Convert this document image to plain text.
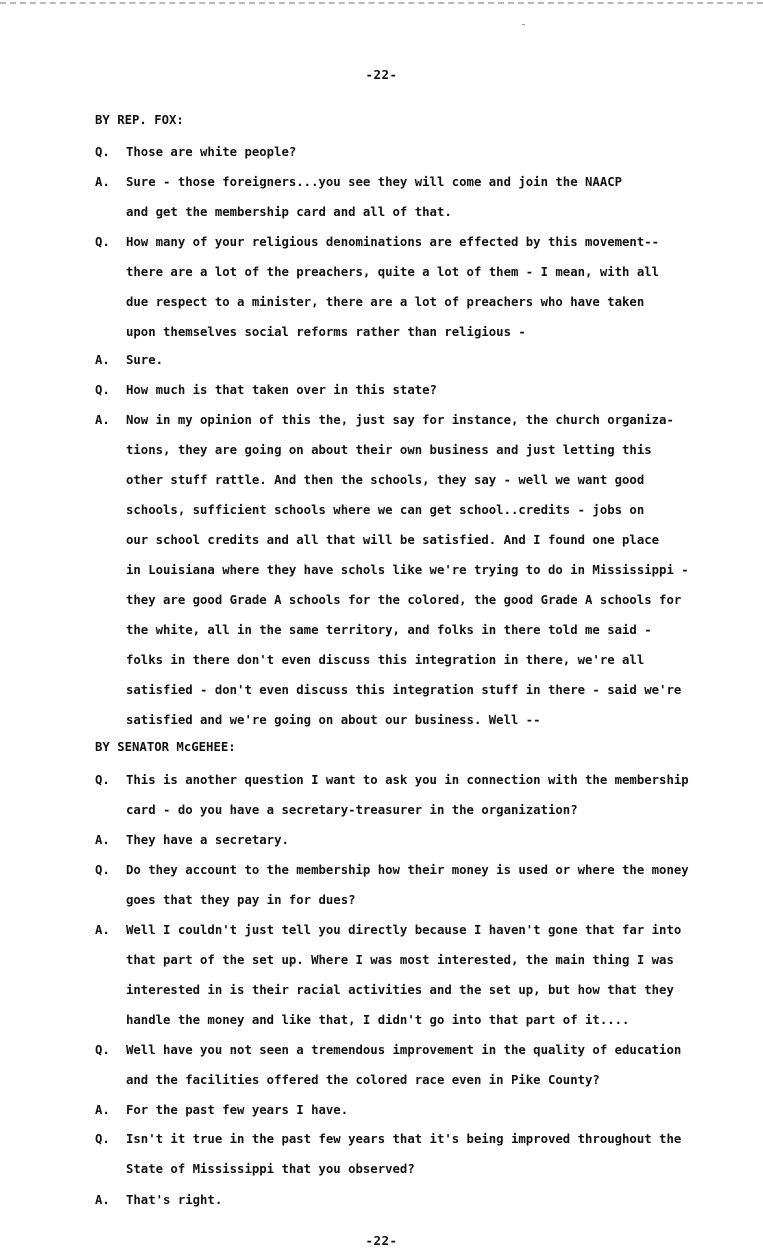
-22-
BY REP. FOX:
Q.	Those are white people?
A.	Sure - those foreigners...you see they will come and join the NAACP
and get the membership card and all of that.
Q.	How many of your religious denominations are effected by this movement--
there are a lot of the preachers, quite a lot of them - I mean, with all
due respect to a minister, there are a lot of preachers who have taken
upon themselves social reforms rather than religious -
A.	Sure.
Q.	How much is that taken over in this state?
A.	Now in my opinion of this the, just say for instance, the church organiza-
tions, they are going on about their own business and just letting this
other stuff rattle. And then the schools, they say - well we want good
schools, sufficient schools where we can get school..credits - jobs on
our school credits and all that will be satisfied. And I found one place
in Louisiana where they have schols like we're trying to do in Mississippi -
they are good Grade A schools for the colored, the good Grade A schools for
the white, all in the same territory, and folks in there told me said -
folks in there don't even discuss this integration in there, we're all
satisfied - don't even discuss this integration stuff in there - said we're
satisfied and we're going on about our business. Well --
BY SENATOR McGEHEE:
Q.	This is another question I want to ask you in connection with the membership
card - do you have a secretary-treasurer in the organization?
A.	They have a secretary.
Q.	Do they account to the membership how their money is used or where the money
goes that they pay in for dues?
A.	Well I couldn't just tell you directly because I haven't gone that far into
that part of the set up. Where I was most interested, the main thing I was
interested in is their racial activities and the set up, but how that they
handle the money and like that, I didn't go into that part of it....
Q.	Well have you not seen a tremendous improvement in the quality of education
and the facilities offered the colored race even in Pike County?
A.	For the past few years I have.
Q.	Isn't it true in the past few years that it's being improved throughout the
State of Mississippi that you observed?
A.	That's right.
-22-
